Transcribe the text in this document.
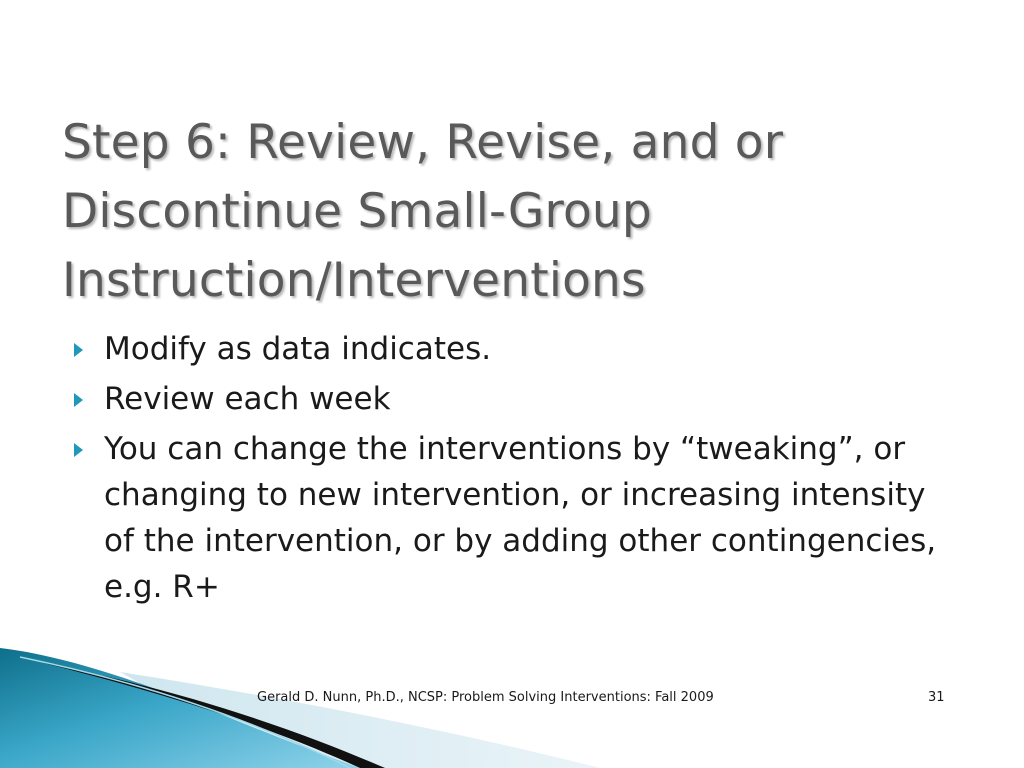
Step 6: Review, Revise, and or Discontinue Small-Group Instruction/Interventions
Modify as data indicates.
Review each week
You can change the interventions by “tweaking”, or changing to new intervention, or increasing intensity of the intervention, or by adding other contingencies, e.g. R+
Gerald D. Nunn, Ph.D., NCSP: Problem Solving Interventions: Fall 2009	31
